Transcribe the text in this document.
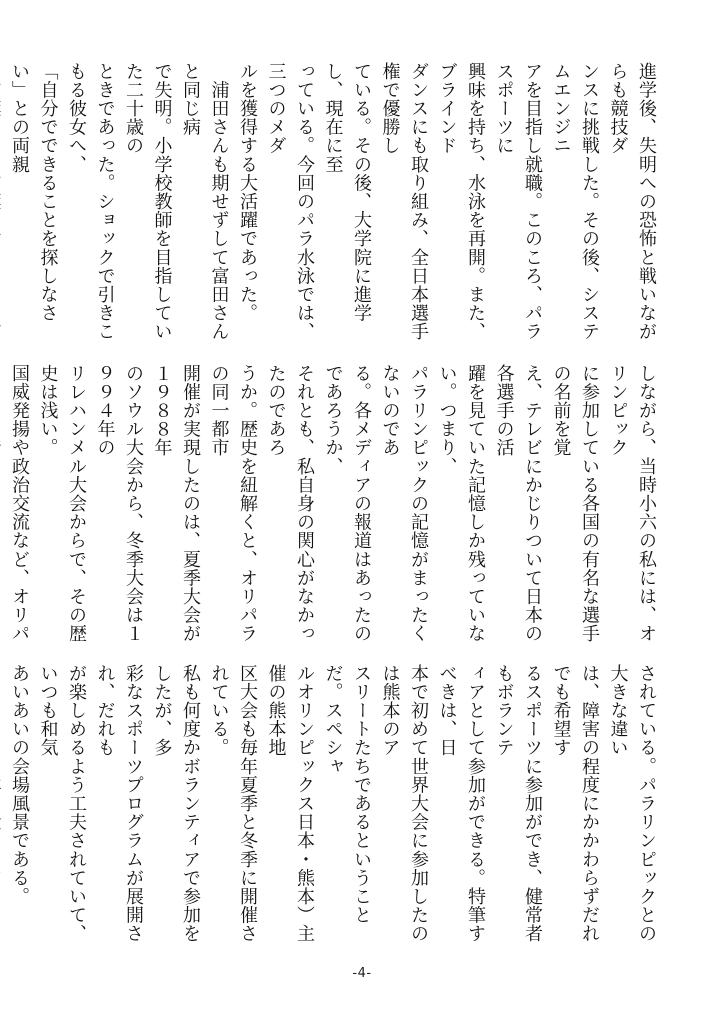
進学後、失明への恐怖と戦いながらも競技ダ
ンスに挑戦した。その後、システムエンジニ
アを目指し就職。このころ、パラスポーツに
興味を持ち、水泳を再開。また、ブラインド
ダンスにも取り組み、全日本選手権で優勝し
ている。その後、大学院に進学し、現在に至
っている。今回のパラ水泳では、三つのメダ
ルを獲得する大活躍であった。
　浦田さんも期せずして富田さんと同じ病
で失明。小学校教師を目指していた二十歳の
ときであった。ショックで引きこもる彼女へ、
「自分でできることを探しなさい」との両親

しながら、当時小六の私には、オリンピック
に参加している各国の有名な選手の名前を覚
え、テレビにかじりついて日本の各選手の活
躍を見ていた記憶しか残っていない。つまり、
パラリンピックの記憶がまったくないのであ
る。各メディアの報道はあったのであろうか、
それとも、私自身の関心がなかったのであろ
うか。歴史を紐解くと、オリパラの同一都市
開催が実現したのは、夏季大会が１９８８年
のソウル大会から、冬季大会は１９９４年の
リレハンメル大会からで、その歴史は浅い。
国威発揚や政治交流など、オリパ

されている。パラリンピックとの大きな違い
は、障害の程度にかかわらずだれでも希望す
るスポーツに参加ができ、健常者もボランテ
ィアとして参加ができる。特筆すべきは、日
本で初めて世界大会に参加したのは熊本のア
スリートたちであるということだ。スペシャ
ルオリンピックス日本・熊本）主催の熊本地
区大会も毎年夏季と冬季に開催されている。
私も何度かボランティアで参加をしたが、多
彩なスポーツプログラムが展開され、だれも
が楽しめるよう工夫されていて、いつも和気
あいあいの会場風景である。

-4-
